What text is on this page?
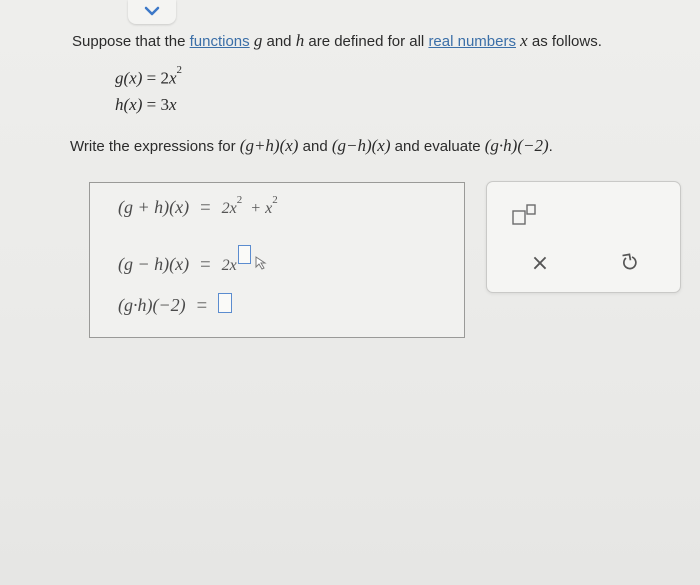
Suppose that the functions g and h are defined for all real numbers x as follows.
$g(x) = 2x^2$
h(x) = 3x
Write the expressions for (g+h)(x) and (g−h)(x) and evaluate (g·h)(−2).
$(g + h)(x) = 2x^2+ x^2$
(g − h)(x) = 2x
(g·h)(−2) =
×
